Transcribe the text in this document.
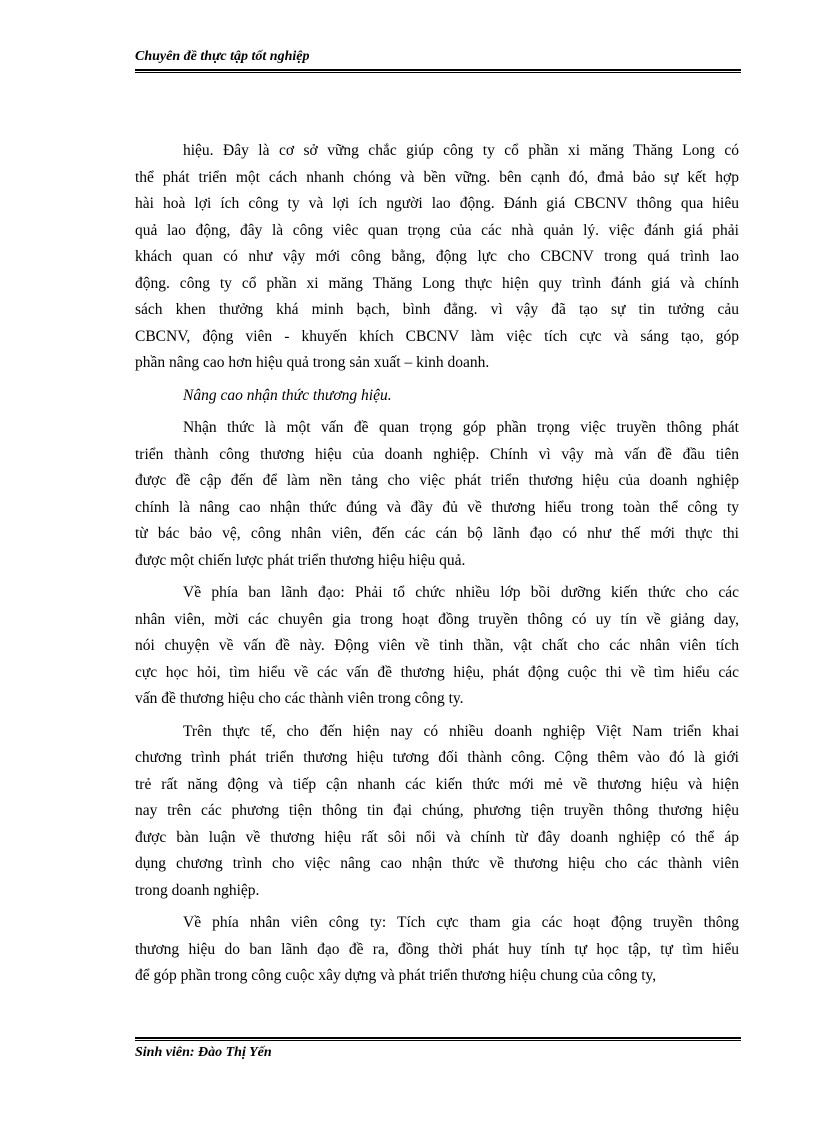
Chuyên đề thực tập tốt nghiệp
hiệu. Đây là cơ sở vững chắc giúp công ty cổ phần xi măng Thăng Long có
thể phát triển một cách nhanh chóng và bền vững. bên cạnh đó, đmả bảo sự kết hợp
hài hoà lợi ích công ty và lợi ích người lao động. Đánh giá CBCNV thông qua hiêu
quả lao động, đây là công viêc quan trọng của các nhà quản lý. việc đánh giá phải
khách quan có như vậy mới công bằng, động lực cho CBCNV trong quá trình lao
động. công ty cổ phần xi măng Thăng Long thực hiện quy trình đánh giá và chính
sách khen thưởng khá minh bạch, bình đẳng. vì vậy đã tạo sự tin tưởng cảu
CBCNV, động viên - khuyến khích CBCNV làm việc tích cực và sáng tạo, góp
phần nâng cao hơn hiệu quả trong sản xuất – kinh doanh.
Nâng cao nhận thức thương hiệu.
Nhận thức là một vấn đề quan trọng góp phần trọng việc truyền thông phát
triển thành công thương hiệu của doanh nghiệp. Chính vì vậy mà vấn đề đầu tiên
được đề cập đến để làm nền tảng cho việc phát triển thương hiệu của doanh nghiệp
chính là nâng cao nhận thức đúng và đầy đủ về thương hiểu trong toàn thể công ty
từ bác bảo vệ, công nhân viên, đến các cán bộ lãnh đạo có như thế mới thực thi
được một chiến lược phát triển thương hiệu hiệu quả.
Về phía ban lãnh đạo: Phải tổ chức nhiều lớp bồi dưỡng kiến thức cho các
nhân viên, mời các chuyên gia trong hoạt đồng truyền thông có uy tín về giảng day,
nói chuyện về vấn đề này. Động viên về tinh thần, vật chất cho các nhân viên tích
cực học hỏi, tìm hiểu về các vấn đề thương hiệu, phát động cuộc thi về tìm hiểu các
vấn đề thương hiệu cho các thành viên trong công ty.
Trên thực tế, cho đến hiện nay có nhiều doanh nghiệp Việt Nam triển khai
chương trình phát triển thương hiệu tương đối thành công. Cộng thêm vào đó là giới
trẻ rất năng động và tiếp cận nhanh các kiến thức mới mẻ về thương hiệu và hiện
nay trên các phương tiện thông tin đại chúng, phương tiện truyền thông thương hiệu
được bàn luận về thương hiệu rất sôi nổi và chính từ đây doanh nghiệp có thể áp
dụng chương trình cho việc nâng cao nhận thức về thương hiệu cho các thành viên
trong doanh nghiệp.
Về phía nhân viên công ty: Tích cực tham gia các hoạt động truyền thông
thương hiệu do ban lãnh đạo đề ra, đồng thời phát huy tính tự học tập, tự tìm hiểu
để góp phần trong công cuộc xây dựng và phát triển thương hiệu chung của công ty,
Sinh viên: Đào Thị Yến
